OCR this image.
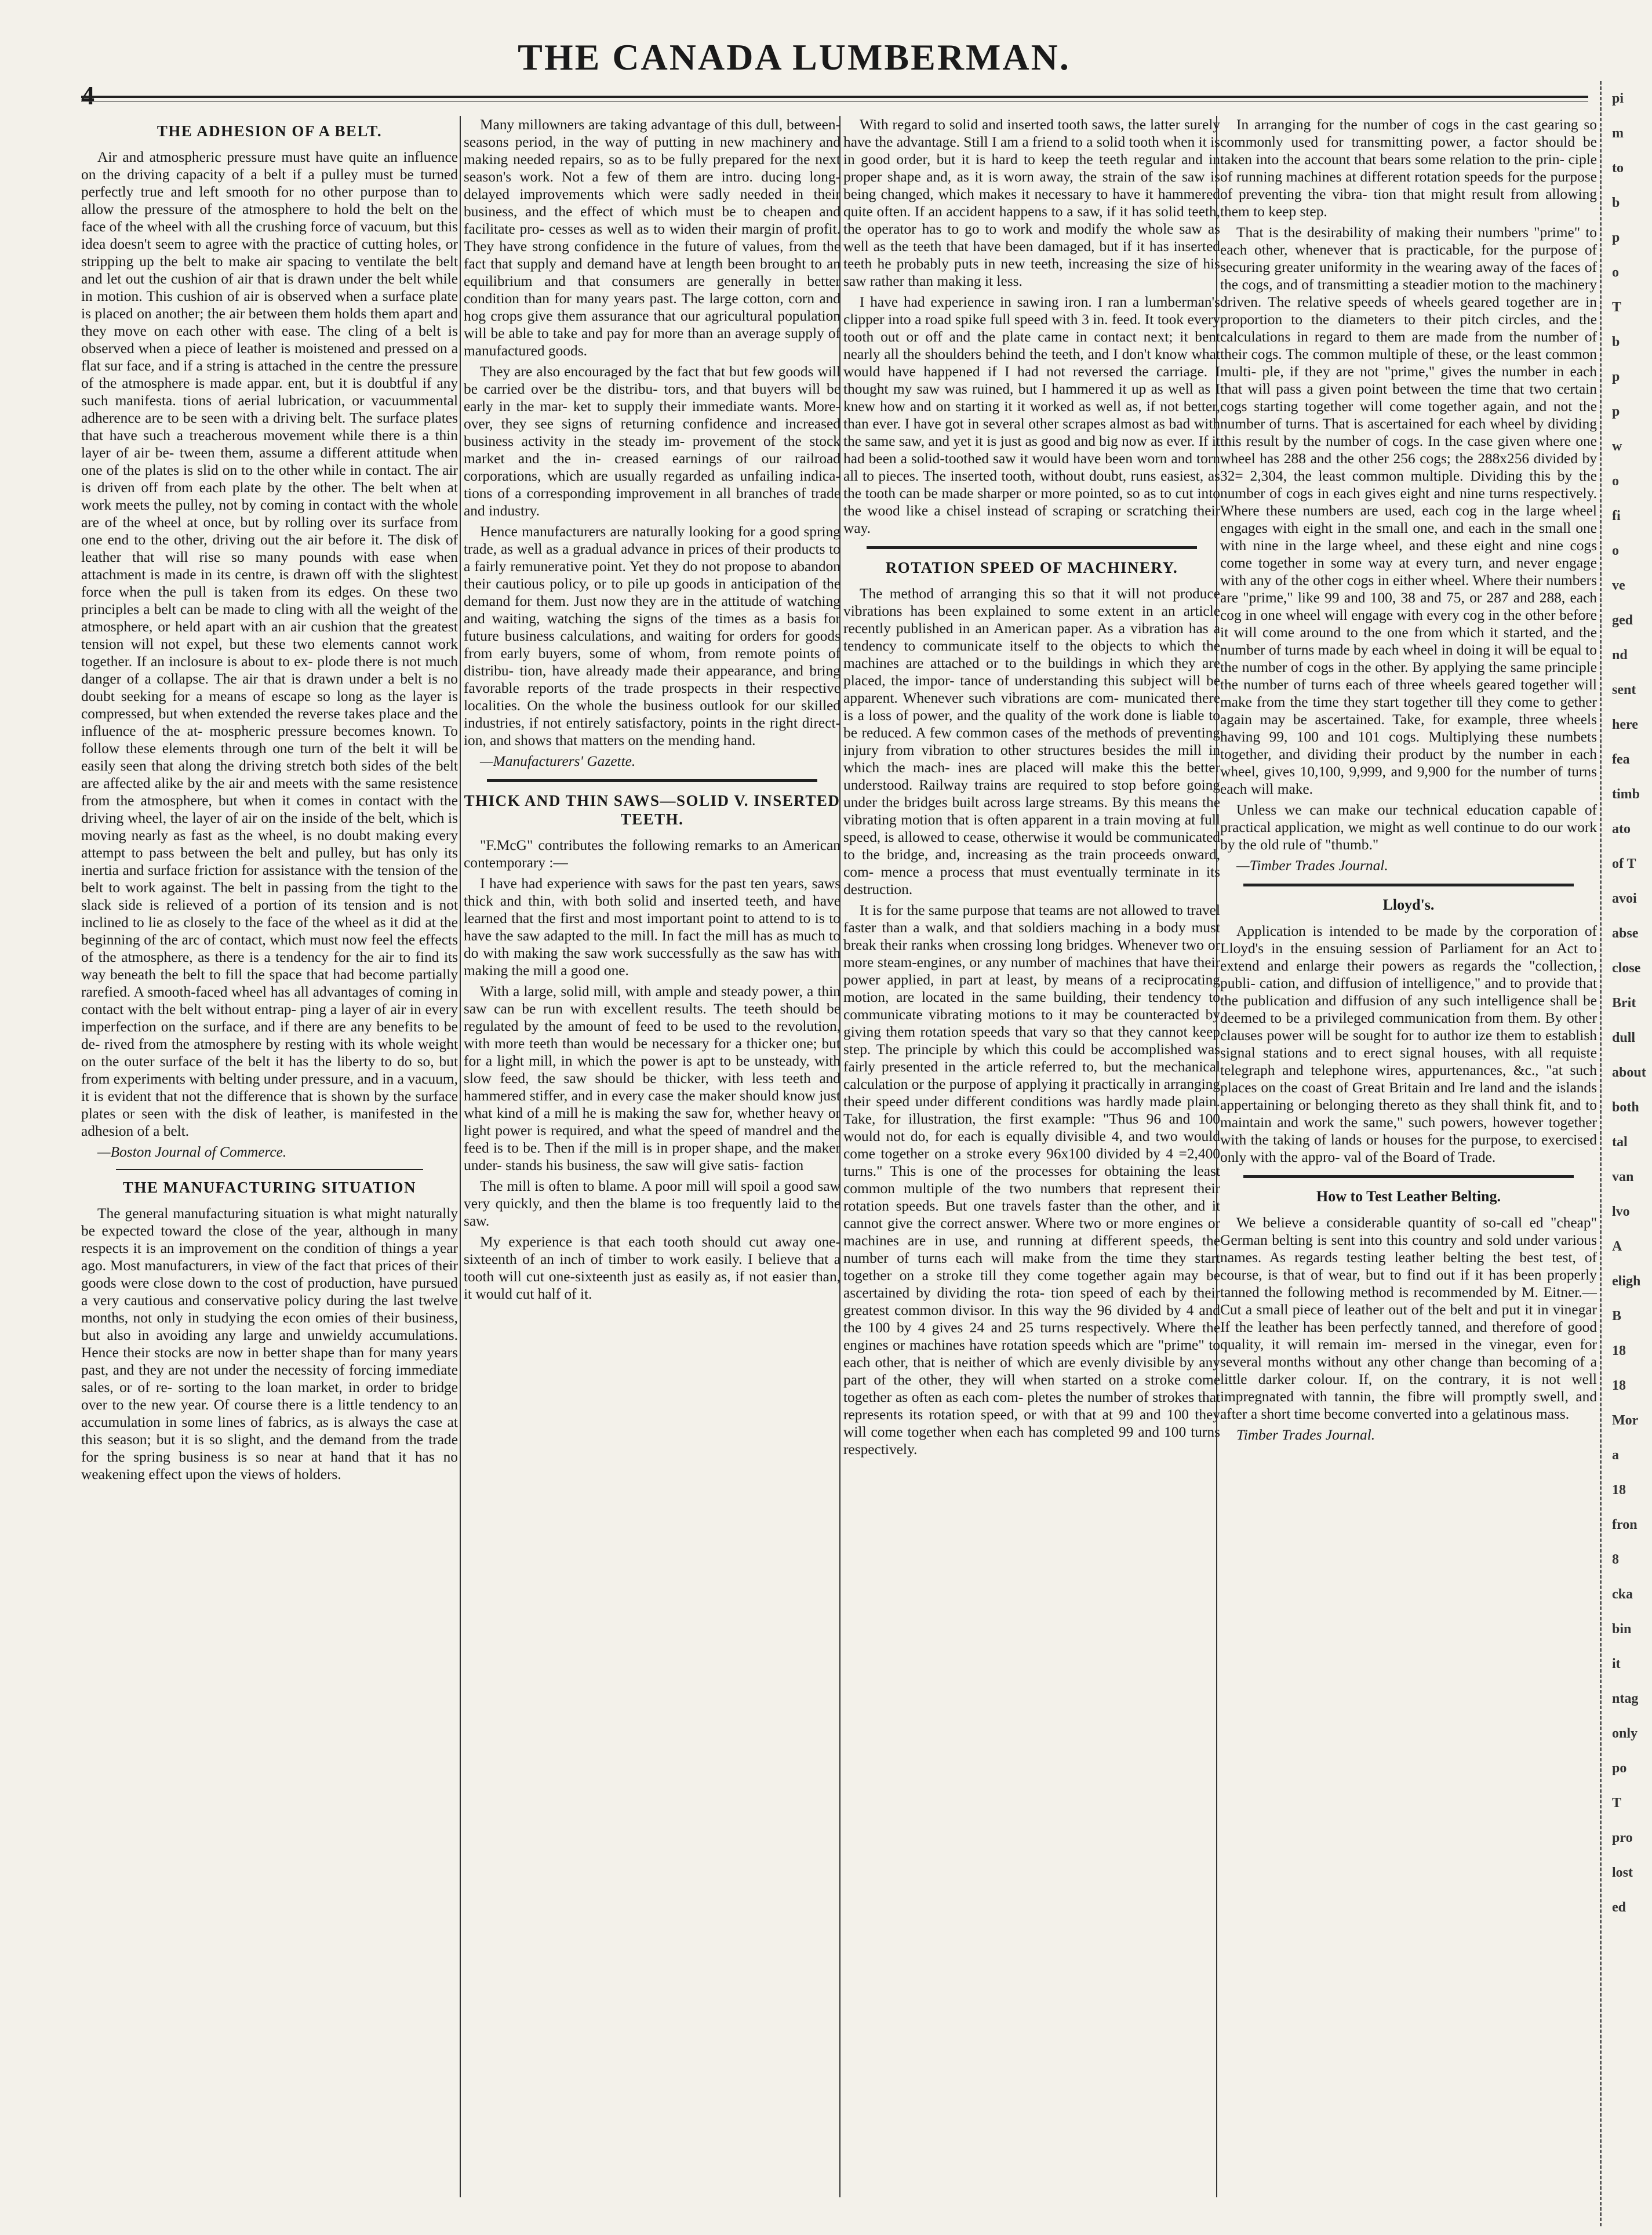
THE CANADA LUMBERMAN.
THE ADHESION OF A BELT.

Air and atmospheric pressure must have quite an influence on the driving capacity of a belt if a pulley must be turned perfectly true and left smooth for no other purpose than to allow the pressure of the atmosphere to hold the belt on the face of the wheel with all the crushing force of vacuum, but this idea doesn't seem to agree with the practice of cutting holes, or stripping up the belt to make air spacing to ventilate the belt and let out the cushion of air that is drawn under the belt while in motion. This cushion of air is observed when a surface plate is placed on another; the air between them holds them apart and they move on each other with ease. The cling of a belt is observed when a piece of leather is moistened and pressed on a flat sur face, and if a string is attached in the centre the pressure of the atmosphere is made appar. ent, but it is doubtful if any such manifesta. tions of aerial lubrication, or vacuummental adherence are to be seen with a driving belt. The surface plates that have such a treacherous movement while there is a thin layer of air be- tween them, assume a different attitude when one of the plates is slid on to the other while in contact. The air is driven off from each plate by the other. The belt when at work meets the pulley, not by coming in contact with the whole are of the wheel at once, but by rolling over its surface from one end to the other, driving out the air before it. The disk of leather that will rise so many pounds with ease when attachment is made in its centre, is drawn off with the slightest force when the pull is taken from its edges. On these two principles a belt can be made to cling with all the weight of the atmosphere, or held apart with an air cushion that the greatest tension will not expel, but these two elements cannot work together. If an inclosure is about to ex- plode there is not much danger of a collapse. The air that is drawn under a belt is no doubt seeking for a means of escape so long as the layer is compressed, but when extended the reverse takes place and the influence of the at- mospheric pressure becomes known. To follow these elements through one turn of the belt it will be easily seen that along the driving stretch both sides of the belt are affected alike by the air and meets with the same resistence from the atmosphere, but when it comes in contact with the driving wheel, the layer of air on the inside of the belt, which is moving nearly as fast as the wheel, is no doubt making every attempt to pass between the belt and pulley, but has only its inertia and surface friction for assistance with the tension of the belt to work against. The belt in passing from the tight to the slack side is relieved of a portion of its tension and is not inclined to lie as closely to the face of the wheel as it did at the beginning of the arc of contact, which must now feel the effects of the atmosphere, as there is a tendency for the air to find its way beneath the belt to fill the space that had become partially rarefied. A smooth-faced wheel has all advantages of coming in contact with the belt without entrap- ping a layer of air in every imperfection on the surface, and if there are any benefits to be de- rived from the atmosphere by resting with its whole weight on the outer surface of the belt it has the liberty to do so, but from experiments with belting under pressure, and in a vacuum, it is evident that not the difference that is shown by the surface plates or seen with the disk of leather, is manifested in the adhesion of a belt.

—Boston Journal of Commerce.

THE MANUFACTURING SITUATION

The general manufacturing situation is what might naturally be expected toward the close of the year, although in many respects it is an improvement on the condition of things a year ago. Most manufacturers, in view of the fact that prices of their goods were close down to the cost of production, have pursued a very cautious and conservative policy during the last twelve months, not only in studying the econ omies of their business, but also in avoiding any large and unwieldy accumulations. Hence their stocks are now in better shape than for many years past, and they are not under the necessity of forcing immediate sales, or of re- sorting to the loan market, in order to bridge over to the new year. Of course there is a little tendency to an accumulation in some lines of fabrics, as is always the case at this season; but it is so slight, and the demand from the trade for the spring business is so near at hand that it has no weakening effect upon the views of holders.

Many millowners are taking advantage of this dull, between-seasons period, in the way of putting in new machinery and making needed repairs, so as to be fully prepared for the next season's work. Not a few of them are intro. ducing long-delayed improvements which were sadly needed in their business, and the effect of which must be to cheapen and facilitate pro- cesses as well as to widen their margin of profit. They have strong confidence in the future of values, from the fact that supply and demand have at length been brought to an equilibrium and that consumers are generally in better condition than for many years past. The large cotton, corn and hog crops give them assurance that our agricultural population will be able to take and pay for more than an average supply of manufactured goods.

They are also encouraged by the fact that but few goods will be carried over be the distribu- tors, and that buyers will be early in the mar- ket to supply their immediate wants. More- over, they see signs of returning confidence and increased business activity in the steady im- provement of the stock market and the in- creased earnings of our railroad corporations, which are usually regarded as unfailing indica- tions of a corresponding improvement in all branches of trade and industry.

Hence manufacturers are naturally looking for a good spring trade, as well as a gradual advance in prices of their products to a fairly remunerative point. Yet they do not propose to abandon their cautious policy, or to pile up goods in anticipation of the demand for them. Just now they are in the attitude of watching and waiting, watching the signs of the times as a basis for future business calculations, and waiting for orders for goods from early buyers, some of whom, from remote points of distribu- tion, have already made their appearance, and bring favorable reports of the trade prospects in their respective localities. On the whole the business outlook for our skilled industries, if not entirely satisfactory, points in the right direct- ion, and shows that matters on the mending hand.

—Manufacturers' Gazette.

THICK AND THIN SAWS—SOLID V. INSERTED TEETH.

"F.McG" contributes the following remarks to an American contemporary :—

I have had experience with saws for the past ten years, saws thick and thin, with both solid and inserted teeth, and have learned that the first and most important point to attend to is to have the saw adapted to the mill. In fact the mill has as much to do with making the saw work successfully as the saw has with making the mill a good one.

With a large, solid mill, with ample and steady power, a thin saw can be run with excellent results. The teeth should be regulated by the amount of feed to be used to the revolution, with more teeth than would be necessary for a thicker one; but for a light mill, in which the power is apt to be unsteady, with slow feed, the saw should be thicker, with less teeth and hammered stiffer, and in every case the maker should know just what kind of a mill he is making the saw for, whether heavy or light power is required, and what the speed of mandrel and the feed is to be. Then if the mill is in proper shape, and the maker under- stands his business, the saw will give satis- faction

The mill is often to blame. A poor mill will spoil a good saw very quickly, and then the blame is too frequently laid to the saw.

My experience is that each tooth should cut away one-sixteenth of an inch of timber to work easily. I believe that a tooth will cut one-sixteenth just as easily as, if not easier than, it would cut half of it.

With regard to solid and inserted tooth saws, the latter surely have the advantage. Still I am a friend to a solid tooth when it is in good order, but it is hard to keep the teeth regular and in proper shape and, as it is worn away, the strain of the saw is being changed, which makes it necessary to have it hammered quite often. If an accident happens to a saw, if it has solid teeth, the operator has to go to work and modify the whole saw as well as the teeth that have been damaged, but if it has inserted teeth he probably puts in new teeth, increasing the size of his saw rather than making it less.

I have had experience in sawing iron. I ran a lumberman's clipper into a road spike full speed with 3 in. feed. It took every tooth out or off and the plate came in contact next; it bent nearly all the shoulders behind the teeth, and I don't know what would have happened if I had not reversed the carriage. I thought my saw was ruined, but I hammered it up as well as I knew how and on starting it it worked as well as, if not better, than ever. I have got in several other scrapes almost as bad with the same saw, and yet it is just as good and big now as ever. If it had been a solid-toothed saw it would have been worn and torn all to pieces. The inserted tooth, without doubt, runs easiest, as the tooth can be made sharper or more pointed, so as to cut into the wood like a chisel instead of scraping or scratching their way.

ROTATION SPEED OF MACHINERY.

The method of arranging this so that it will not produce vibrations has been explained to some extent in an article recently published in an American paper. As a vibration has a tendency to communicate itself to the objects to which the machines are attached or to the buildings in which they are placed, the impor- tance of understanding this subject will be apparent. Whenever such vibrations are com- municated there is a loss of power, and the quality of the work done is liable to be reduced. A few common cases of the methods of preventing injury from vibration to other structures besides the mill in which the mach- ines are placed will make this the better understood. Railway trains are required to stop before going under the bridges built across large streams. By this means the vibrating motion that is often apparent in a train moving at full speed, is allowed to cease, otherwise it would be communicated to the bridge, and, increasing as the train proceeds onward, com- mence a process that must eventually terminate in its destruction.

It is for the same purpose that teams are not allowed to travel faster than a walk, and that soldiers maching in a body must break their ranks when crossing long bridges. Whenever two or more steam-engines, or any number of machines that have their power applied, in part at least, by means of a reciprocating motion, are located in the same building, their tendency to communicate vibrating motions to it may be counteracted by giving them rotation speeds that vary so that they cannot keep step. The principle by which this could be accomplished was fairly presented in the article referred to, but the mechanical calculation or the purpose of applying it practically in arranging their speed under different conditions was hardly made plain. Take, for illustration, the first example: "Thus 96 and 100 would not do, for each is equally divisible 4, and two would come together on a stroke every 96x100 divided by 4 =2,400 turns." This is one of the processes for obtaining the least common multiple of the two numbers that represent their rotation speeds. But one travels faster than the other, and it cannot give the correct answer. Where two or more engines or machines are in use, and running at different speeds, the number of turns each will make from the time they start together on a stroke till they come together again may be ascertained by dividing the rota- tion speed of each by their greatest common divisor. In this way the 96 divided by 4 and the 100 by 4 gives 24 and 25 turns respectively. Where the engines or machines have rotation speeds which are "prime" to each other, that is neither of which are evenly divisible by any part of the other, they will when started on a stroke come together as often as each com- pletes the number of strokes that represents its rotation speed, or with that at 99 and 100 they will come together when each has completed 99 and 100 turns respectively.

In arranging for the number of cogs in the cast gearing so commonly used for transmitting power, a factor should be taken into the account that bears some relation to the prin- ciple of running machines at different rotation speeds for the purpose of preventing the vibra- tion that might result from allowing them to keep step.

That is the desirability of making their numbers "prime" to each other, whenever that is practicable, for the purpose of securing greater uniformity in the wearing away of the faces of the cogs, and of transmitting a steadier motion to the machinery driven. The relative speeds of wheels geared together are in proportion to the diameters to their pitch circles, and the calculations in regard to them are made from the number of their cogs. The common multiple of these, or the least common multi- ple, if they are not "prime," gives the number in each that will pass a given point between the time that two certain cogs starting together will come together again, and not the number of turns. That is ascertained for each wheel by dividing this result by the number of cogs. In the case given where one wheel has 288 and the other 256 cogs; the 288x256 divided by 32= 2,304, the least common multiple. Dividing this by the number of cogs in each gives eight and nine turns respectively. Where these numbers are used, each cog in the large wheel engages with eight in the small one, and each in the small one with nine in the large wheel, and these eight and nine cogs come together in some way at every turn, and never engage with any of the other cogs in either wheel. Where their numbers are "prime," like 99 and 100, 38 and 75, or 287 and 288, each cog in one wheel will engage with every cog in the other before it will come around to the one from which it started, and the number of turns made by each wheel in doing it will be equal to the number of cogs in the other. By applying the same principle the number of turns each of three wheels geared together will make from the time they start together till they come to gether again may be ascertained. Take, for example, three wheels having 99, 100 and 101 cogs. Multiplying these numbets together, and dividing their product by the number in each wheel, gives 10,100, 9,999, and 9,900 for the number of turns each will make.

Unless we can make our technical education capable of practical application, we might as well continue to do our work by the old rule of "thumb."

—Timber Trades Journal.

Lloyd's.

Application is intended to be made by the corporation of Lloyd's in the ensuing session of Parliament for an Act to extend and enlarge their powers as regards the "collection, publi- cation, and diffusion of intelligence," and to provide that the publication and diffusion of any such intelligence shall be deemed to be a privileged communication from them. By other clauses power will be sought for to author ize them to establish signal stations and to erect signal houses, with all requiste telegraph and telephone wires, appurtenances, &c., "at such places on the coast of Great Britain and Ire land and the islands appertaining or belonging thereto as they shall think fit, and to maintain and work the same," such powers, however together with the taking of lands or houses for the purpose, to exercised only with the appro- val of the Board of Trade.

How to Test Leather Belting.

We believe a considerable quantity of so-call ed "cheap" German belting is sent into this country and sold under various names. As regards testing leather belting the best test, of course, is that of wear, but to find out if it has been properly tanned the following method is recommended by M. Eitner.—Cut a small piece of leather out of the belt and put it in vinegar If the leather has been perfectly tanned, and therefore of good quality, it will remain im- mersed in the vinegar, even for several months without any other change than becoming of a little darker colour. If, on the contrary, it is not well impregnated with tannin, the fibre will promptly swell, and after a short time become converted into a gelatinous mass.

Timber Trades Journal.

pi
m
to
b
p
o
T
b
p
p
w
o
fi
o
ve
ged
nd
sent
here
fea
timb
ato
of T
avoi
abse
close
Brit
dull
about
both
tal
van
lvo
A
eligh
B
18
18
Mor
a
18
fron
8
cka
bin
it
ntag
only
po
T
pro
lost
ed
